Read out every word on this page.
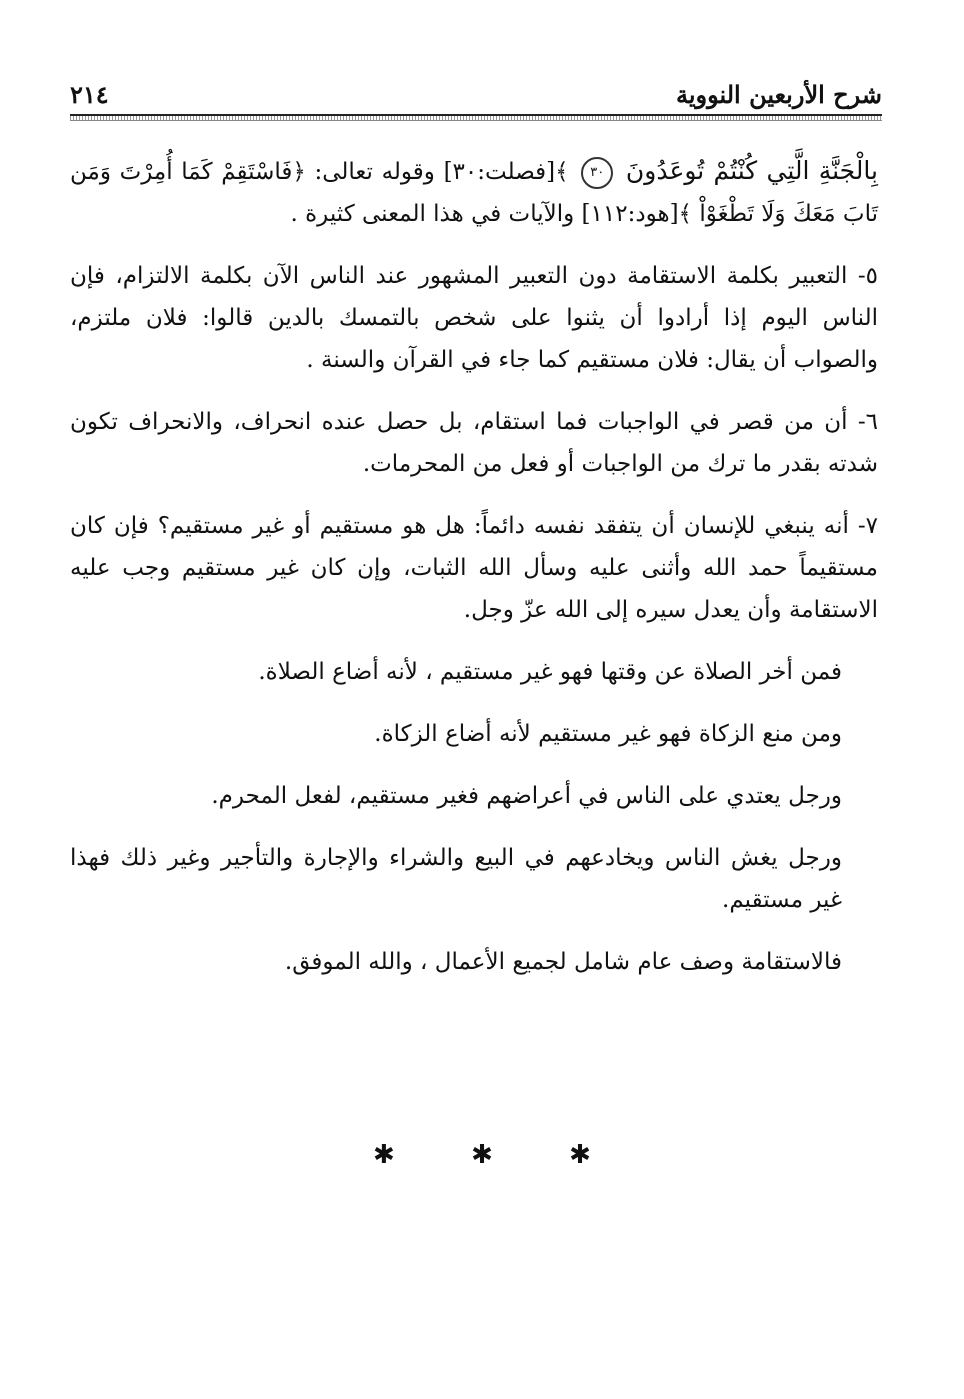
شرح الأربعين النووية
٢١٤

بِالْجَنَّةِ الَّتِي كُنْتُمْ تُوعَدُونَ ٣٠ ﴾[فصلت:٣٠] وقوله تعالى: ﴿فَاسْتَقِمْ كَمَا أُمِرْتَ وَمَن تَابَ مَعَكَ وَلَا تَطْغَوْاْ ﴾[هود:١١٢] والآيات في هذا المعنى كثيرة .

٥- التعبير بكلمة الاستقامة دون التعبير المشهور عند الناس الآن بكلمة الالتزام، فإن الناس اليوم إذا أرادوا أن يثنوا على شخص بالتمسك بالدين قالوا: فلان ملتزم، والصواب أن يقال: فلان مستقيم كما جاء في القرآن والسنة .

٦- أن من قصر في الواجبات فما استقام، بل حصل عنده انحراف، والانحراف تكون شدته بقدر ما ترك من الواجبات أو فعل من المحرمات.

٧- أنه ينبغي للإنسان أن يتفقد نفسه دائماً: هل هو مستقيم أو غير مستقيم؟ فإن كان مستقيماً حمد الله وأثنى عليه وسأل الله الثبات، وإن كان غير مستقيم وجب عليه الاستقامة وأن يعدل سيره إلى الله عزّ وجل.

فمن أخر الصلاة عن وقتها فهو غير مستقيم ، لأنه أضاع الصلاة.

ومن منع الزكاة فهو غير مستقيم لأنه أضاع الزكاة.

ورجل يعتدي على الناس في أعراضهم فغير مستقيم، لفعل المحرم.

ورجل يغش الناس ويخادعهم في البيع والشراء والإجارة والتأجير وغير ذلك فهذا غير مستقيم.

فالاستقامة وصف عام شامل لجميع الأعمال ، والله الموفق.

✱	✱	✱
